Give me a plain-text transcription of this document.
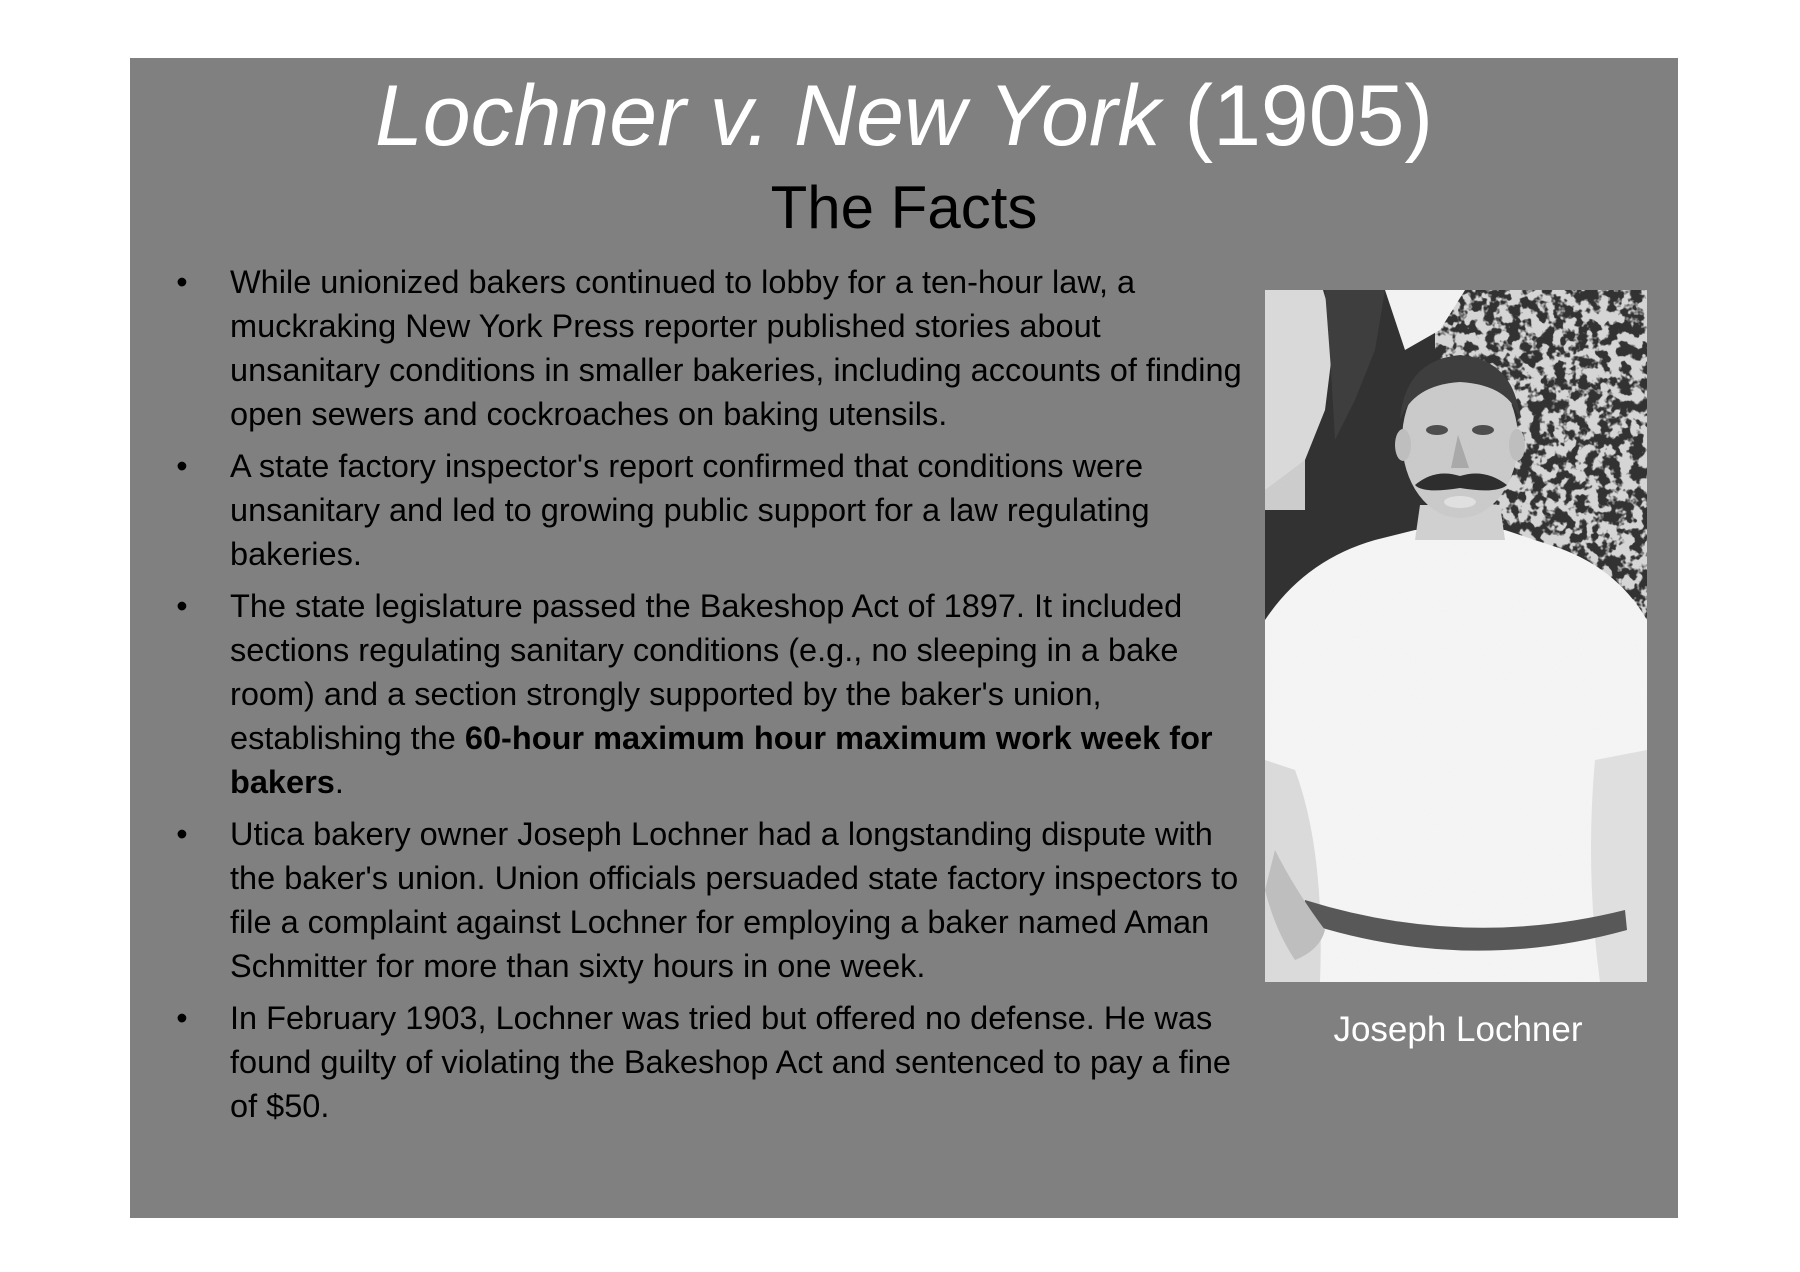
Lochner v. New York (1905)
The Facts
• While unionized bakers continued to lobby for a ten-hour law, a muckraking New York Press reporter published stories about unsanitary conditions in smaller bakeries, including accounts of finding open sewers and cockroaches on baking utensils.
• A state factory inspector's report confirmed that conditions were unsanitary and led to growing public support for a law regulating bakeries.
• The state legislature passed the Bakeshop Act of 1897. It included sections regulating sanitary conditions (e.g., no sleeping in a bake room) and a section strongly supported by the baker's union, establishing the 60-hour maximum hour maximum work week for bakers.
• Utica bakery owner Joseph Lochner had a longstanding dispute with the baker's union. Union officials persuaded state factory inspectors to file a complaint against Lochner for employing a baker named Aman Schmitter for more than sixty hours in one week.
• In February 1903, Lochner was tried but offered no defense. He was found guilty of violating the Bakeshop Act and sentenced to pay a fine of $50.
Joseph Lochner
